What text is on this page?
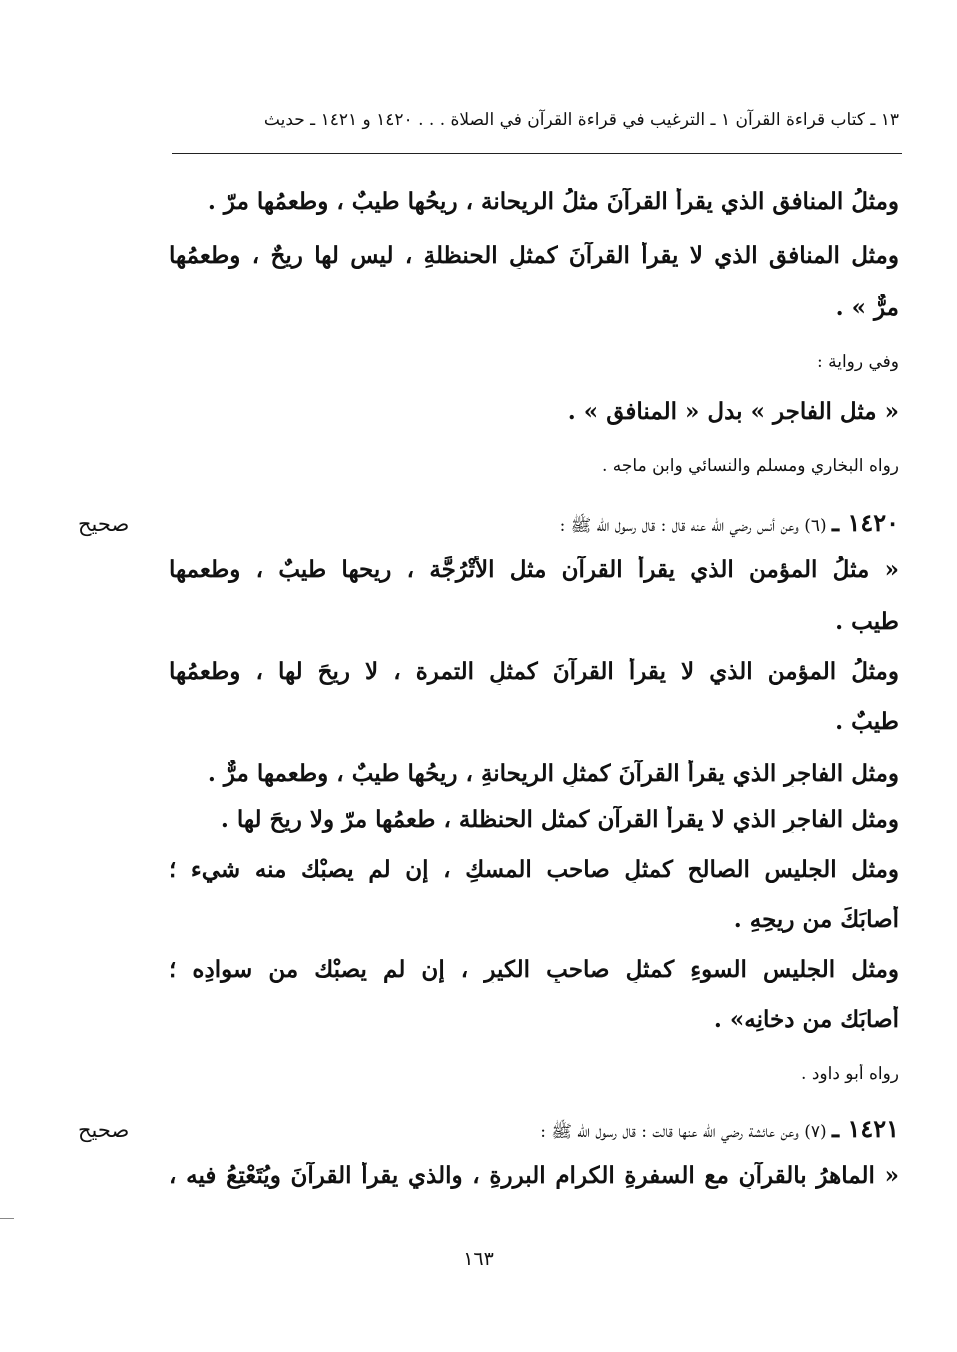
١٣ ـ كتاب قراءة القرآن ١ ـ الترغيب في قراءة القرآن في الصلاة . . . ١٤٢٠ و ١٤٢١ ـ حديث
ومثلُ المنافقِ الذي يقرأُ القرآنَ مثلُ الريحانة ، ريحُها طيبٌ ، وطعمُها مرّ .
ومثل المنافق الذي لا يقرأ القرآنَ كمثلِ الحنظلةِ ، ليس لها ريحٌ ، وطعمُها
مرٌّ » .
وفي رواية :
« مثل الفاجر » بدل « المنافق » .
رواه البخاري ومسلم والنسائي وابن ماجه .
١٤٢٠ ـ (٦) وعن أنس رضي الله عنه قال : قال رسول الله ﷺ :
صحيح
« مثلُ المؤمنِ الذي يقرأ القرآن مثل الأُتْرُجَّة ، ريحها طيبٌ ، وطعمها
طيب .
ومثلُ المؤمنِ الذي لا يقرأُ القرآنَ كمثلِ التمرة ، لا ريحَ لها ، وطعمُها
طيبٌ .
ومثل الفاجرِ الذي يقرأُ القرآنَ كمثلِ الريحانةِ ، ريحُها طيبٌ ، وطعمها مرٌّ .
ومثل الفاجرِ الذي لا يقرأ القرآن كمثل الحنظلة ، طعمُها مرّ ولا ريحَ لها .
ومثل الجليس الصالح كمثلِ صاحب المسكِ ، إن لم يصبْك منه شيء ؛
أصابَكَ من ريحِهِ .
ومثل الجليس السوءِ كمثلِ صاحبِ الكيرِ ، إن لم يصبْك من سوادِه ؛
أصابَك من دخانِه» .
رواه أبو داود .
١٤٢١ ـ (٧) وعن عائشة رضي الله عنها قالت : قال رسول الله ﷺ :
صحيح
« الماهرُ بالقرآنِ مع السفرةِ الكرامِ البررةِ ، والذي يقرأُ القرآنَ ويُتَعْتِعُ فيه ،
١٦٣
